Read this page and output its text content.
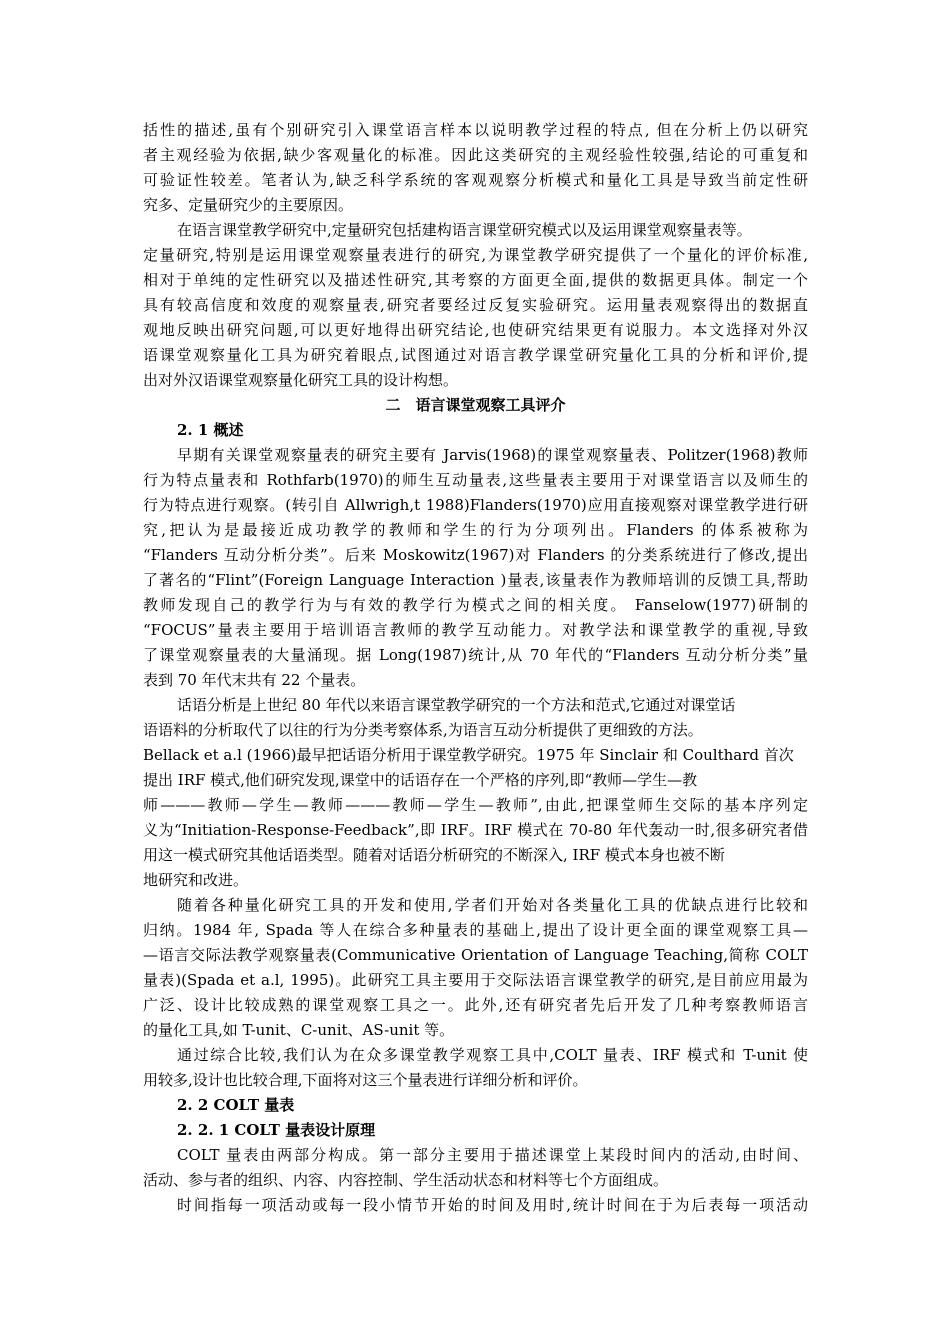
括性的描述,虽有个别研究引入课堂语言样本以说明教学过程的特点, 但在分析上仍以研究
者主观经验为依据,缺少客观量化的标准。因此这类研究的主观经验性较强,结论的可重复和
可验证性较差。笔者认为,缺乏科学系统的客观观察分析模式和量化工具是导致当前定性研
究多、定量研究少的主要原因。
在语言课堂教学研究中,定量研究包括建构语言课堂研究模式以及运用课堂观察量表等。
定量研究,特别是运用课堂观察量表进行的研究,为课堂教学研究提供了一个量化的评价标准,
相对于单纯的定性研究以及描述性研究,其考察的方面更全面,提供的数据更具体。制定一个
具有较高信度和效度的观察量表,研究者要经过反复实验研究。运用量表观察得出的数据直
观地反映出研究问题,可以更好地得出研究结论,也使研究结果更有说服力。本文选择对外汉
语课堂观察量化工具为研究着眼点,试图通过对语言教学课堂研究量化工具的分析和评价,提
出对外汉语课堂观察量化研究工具的设计构想。
二　语言课堂观察工具评介
2. 1 概述
早期有关课堂观察量表的研究主要有 Jarvis(1968)的课堂观察量表、Politzer(1968)教师
行为特点量表和 Rothfarb(1970)的师生互动量表,这些量表主要用于对课堂语言以及师生的
行为特点进行观察。(转引自 Allwrigh,t 1988)Flanders(1970)应用直接观察对课堂教学进行研
究,把认为是最接近成功教学的教师和学生的行为分项列出。Flanders 的体系被称为
“Flanders 互动分析分类”。后来 Moskowitz(1967)对 Flanders 的分类系统进行了修改,提出
了著名的“Flint”(Foreign Language Interaction )量表,该量表作为教师培训的反馈工具,帮助
教师发现自己的教学行为与有效的教学行为模式之间的相关度。 Fanselow(1977)研制的
“FOCUS”量表主要用于培训语言教师的教学互动能力。对教学法和课堂教学的重视,导致
了课堂观察量表的大量涌现。据 Long(1987)统计,从 70 年代的“Flanders 互动分析分类”量
表到 70 年代末共有 22 个量表。
话语分析是上世纪 80 年代以来语言课堂教学研究的一个方法和范式,它通过对课堂话
语语料的分析取代了以往的行为分类考察体系,为语言互动分析提供了更细致的方法。
Bellack et a.l (1966)最早把话语分析用于课堂教学研究。1975 年 Sinclair 和 Coulthard 首次
提出 IRF 模式,他们研究发现,课堂中的话语存在一个严格的序列,即“教师—学生—教
师———教师—学生—教师———教师—学生—教师”,由此,把课堂师生交际的基本序列定
义为“Initiation-Response-Feedback”,即 IRF。IRF 模式在 70-80 年代轰动一时,很多研究者借
用这一模式研究其他话语类型。随着对话语分析研究的不断深入, IRF 模式本身也被不断
地研究和改进。
随着各种量化研究工具的开发和使用,学者们开始对各类量化工具的优缺点进行比较和
归纳。1984 年, Spada 等人在综合多种量表的基础上,提出了设计更全面的课堂观察工具—
—语言交际法教学观察量表(Communicative Orientation of Language Teaching,简称 COLT
量表)(Spada et a.l, 1995)。此研究工具主要用于交际法语言课堂教学的研究,是目前应用最为
广泛、设计比较成熟的课堂观察工具之一。此外,还有研究者先后开发了几种考察教师语言
的量化工具,如 T-unit、C-unit、AS-unit 等。
通过综合比较,我们认为在众多课堂教学观察工具中,COLT 量表、IRF 模式和 T-unit 使
用较多,设计也比较合理,下面将对这三个量表进行详细分析和评价。
2. 2 COLT 量表
2. 2. 1 COLT 量表设计原理
COLT 量表由两部分构成。第一部分主要用于描述课堂上某段时间内的活动,由时间、
活动、参与者的组织、内容、内容控制、学生活动状态和材料等七个方面组成。
时间指每一项活动或每一段小情节开始的时间及用时,统计时间在于为后表每一项活动
